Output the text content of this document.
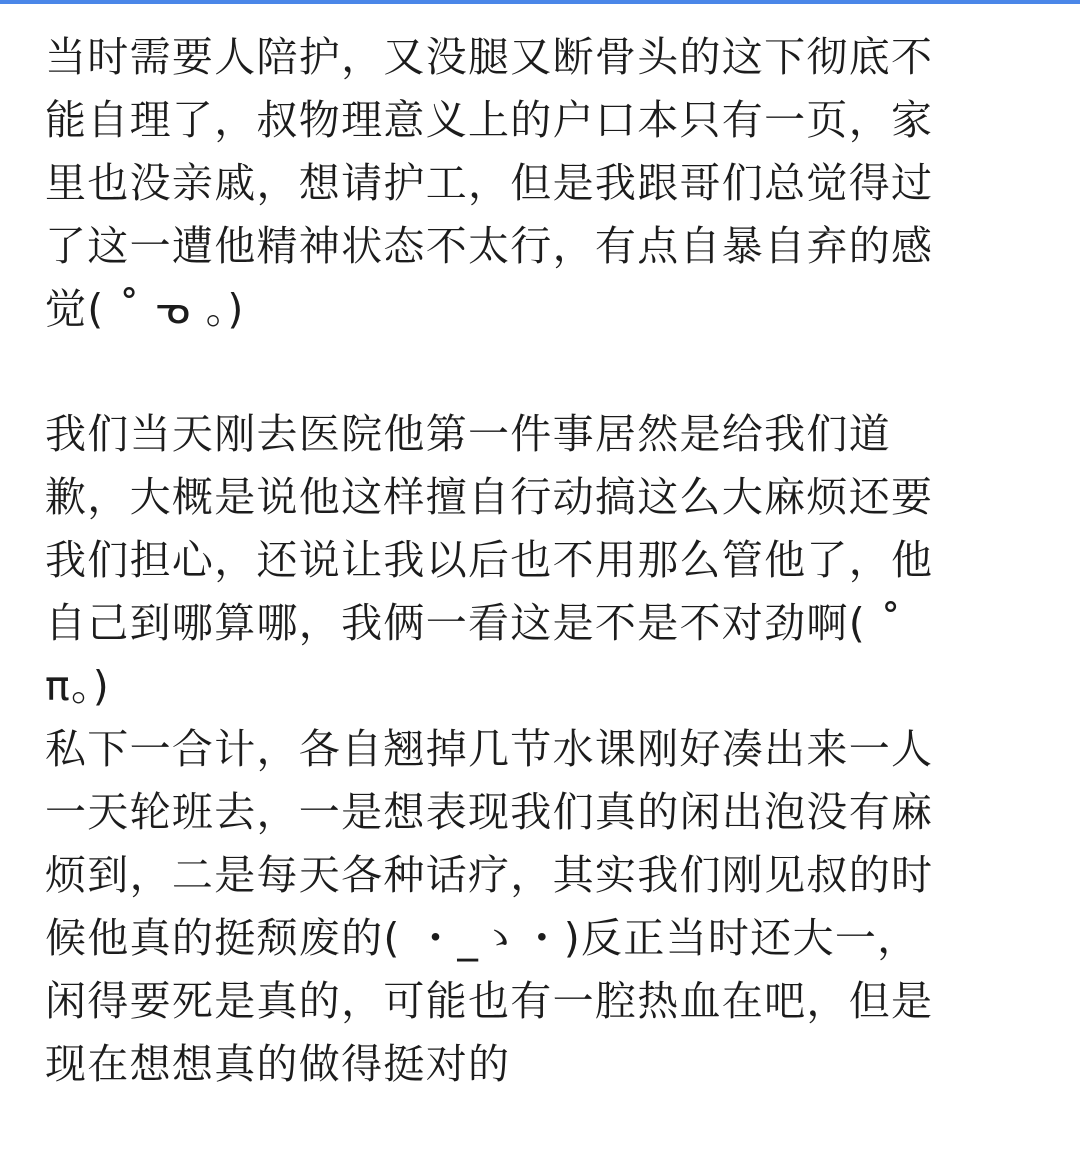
当时需要人陪护，又没腿又断骨头的这下彻底不
能自理了，叔物理意义上的户口本只有一页，家
里也没亲戚，想请护工，但是我跟哥们总觉得过
了这一遭他精神状态不太行，有点自暴自弃的感
觉( ˚ ᓀ 。)
我们当天刚去医院他第一件事居然是给我们道
歉，大概是说他这样擅自行动搞这么大麻烦还要
我们担心，还说让我以后也不用那么管他了，他
自己到哪算哪，我俩一看这是不是不对劲啊( ˚
π。)
私下一合计，各自翘掉几节水课刚好凑出来一人
一天轮班去，一是想表现我们真的闲出泡没有麻
烦到，二是每天各种话疗，其实我们刚见叔的时
候他真的挺颓废的( ・_ゝ・)反正当时还大一，
闲得要死是真的，可能也有一腔热血在吧，但是
现在想想真的做得挺对的
